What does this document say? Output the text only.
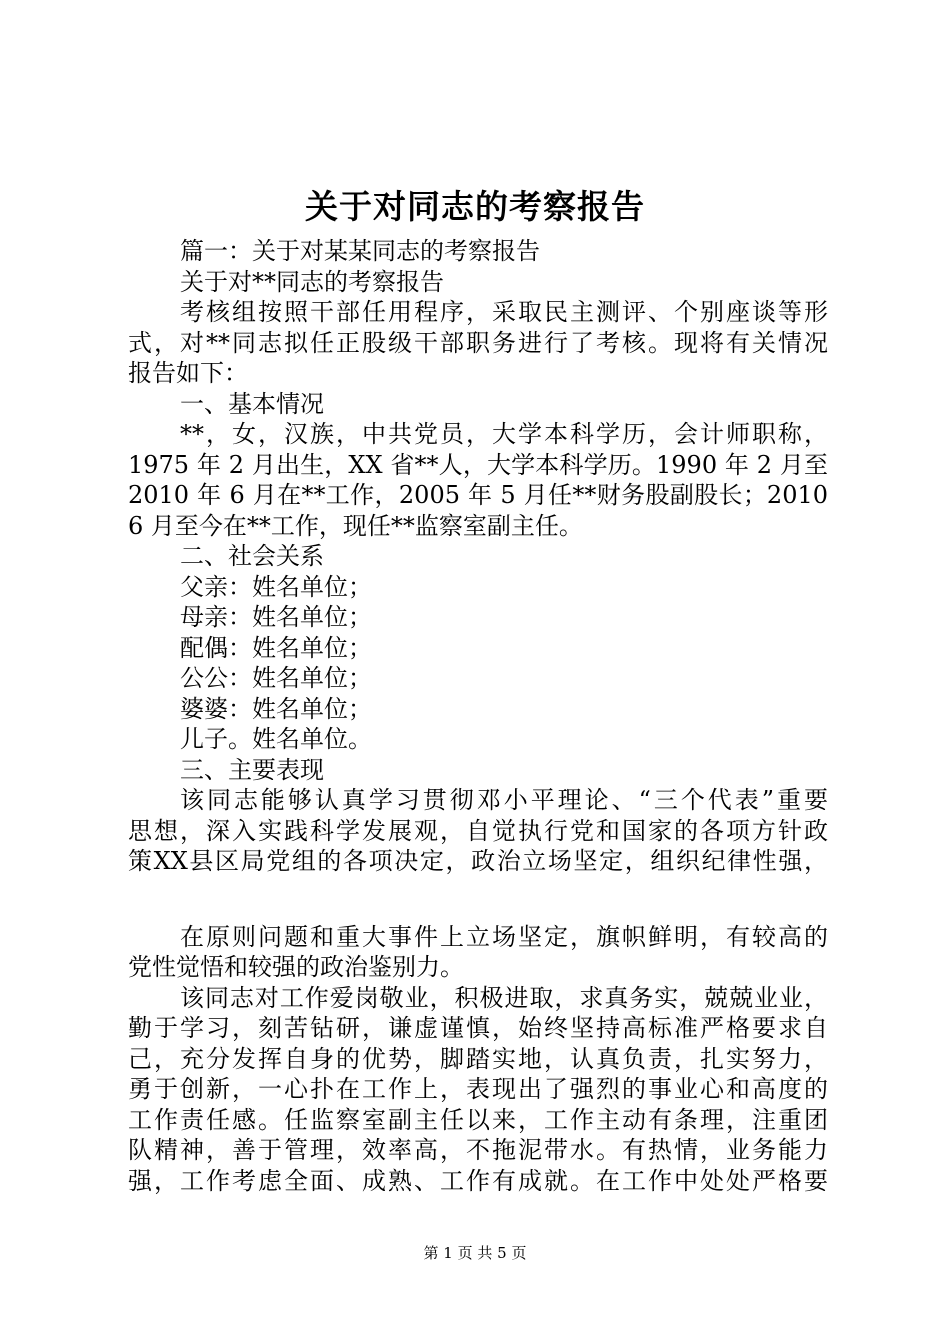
关于对同志的考察报告
篇一：关于对某某同志的考察报告
关于对**同志的考察报告
考核组按照干部任用程序，采取民主测评、个别座谈等形
式，对**同志拟任正股级干部职务进行了考核。现将有关情况
报告如下：
一、基本情况
**，女，汉族，中共党员，大学本科学历，会计师职称，
1975 年 2 月出生，XX 省**人，大学本科学历。1990 年 2 月至
2010 年 6 月在**工作，2005 年 5 月任**财务股副股长；2010
6 月至今在**工作，现任**监察室副主任。
二、社会关系
父亲：姓名单位；
母亲：姓名单位；
配偶：姓名单位；
公公：姓名单位；
婆婆：姓名单位；
儿子。姓名单位。
三、主要表现
该同志能够认真学习贯彻邓小平理论、“三个代表”重要
思想，深入实践科学发展观，自觉执行党和国家的各项方针政
策XX县区局党组的各项决定，政治立场坚定，组织纪律性强，
在原则问题和重大事件上立场坚定，旗帜鲜明，有较高的
党性觉悟和较强的政治鉴别力。
该同志对工作爱岗敬业，积极进取，求真务实，兢兢业业，
勤于学习，刻苦钻研，谦虚谨慎，始终坚持高标准严格要求自
己，充分发挥自身的优势，脚踏实地，认真负责，扎实努力，
勇于创新，一心扑在工作上，表现出了强烈的事业心和高度的
工作责任感。任监察室副主任以来，工作主动有条理，注重团
队精神，善于管理，效率高，不拖泥带水。有热情，业务能力
强，工作考虑全面、成熟、工作有成就。在工作中处处严格要
第 1 页 共 5 页
